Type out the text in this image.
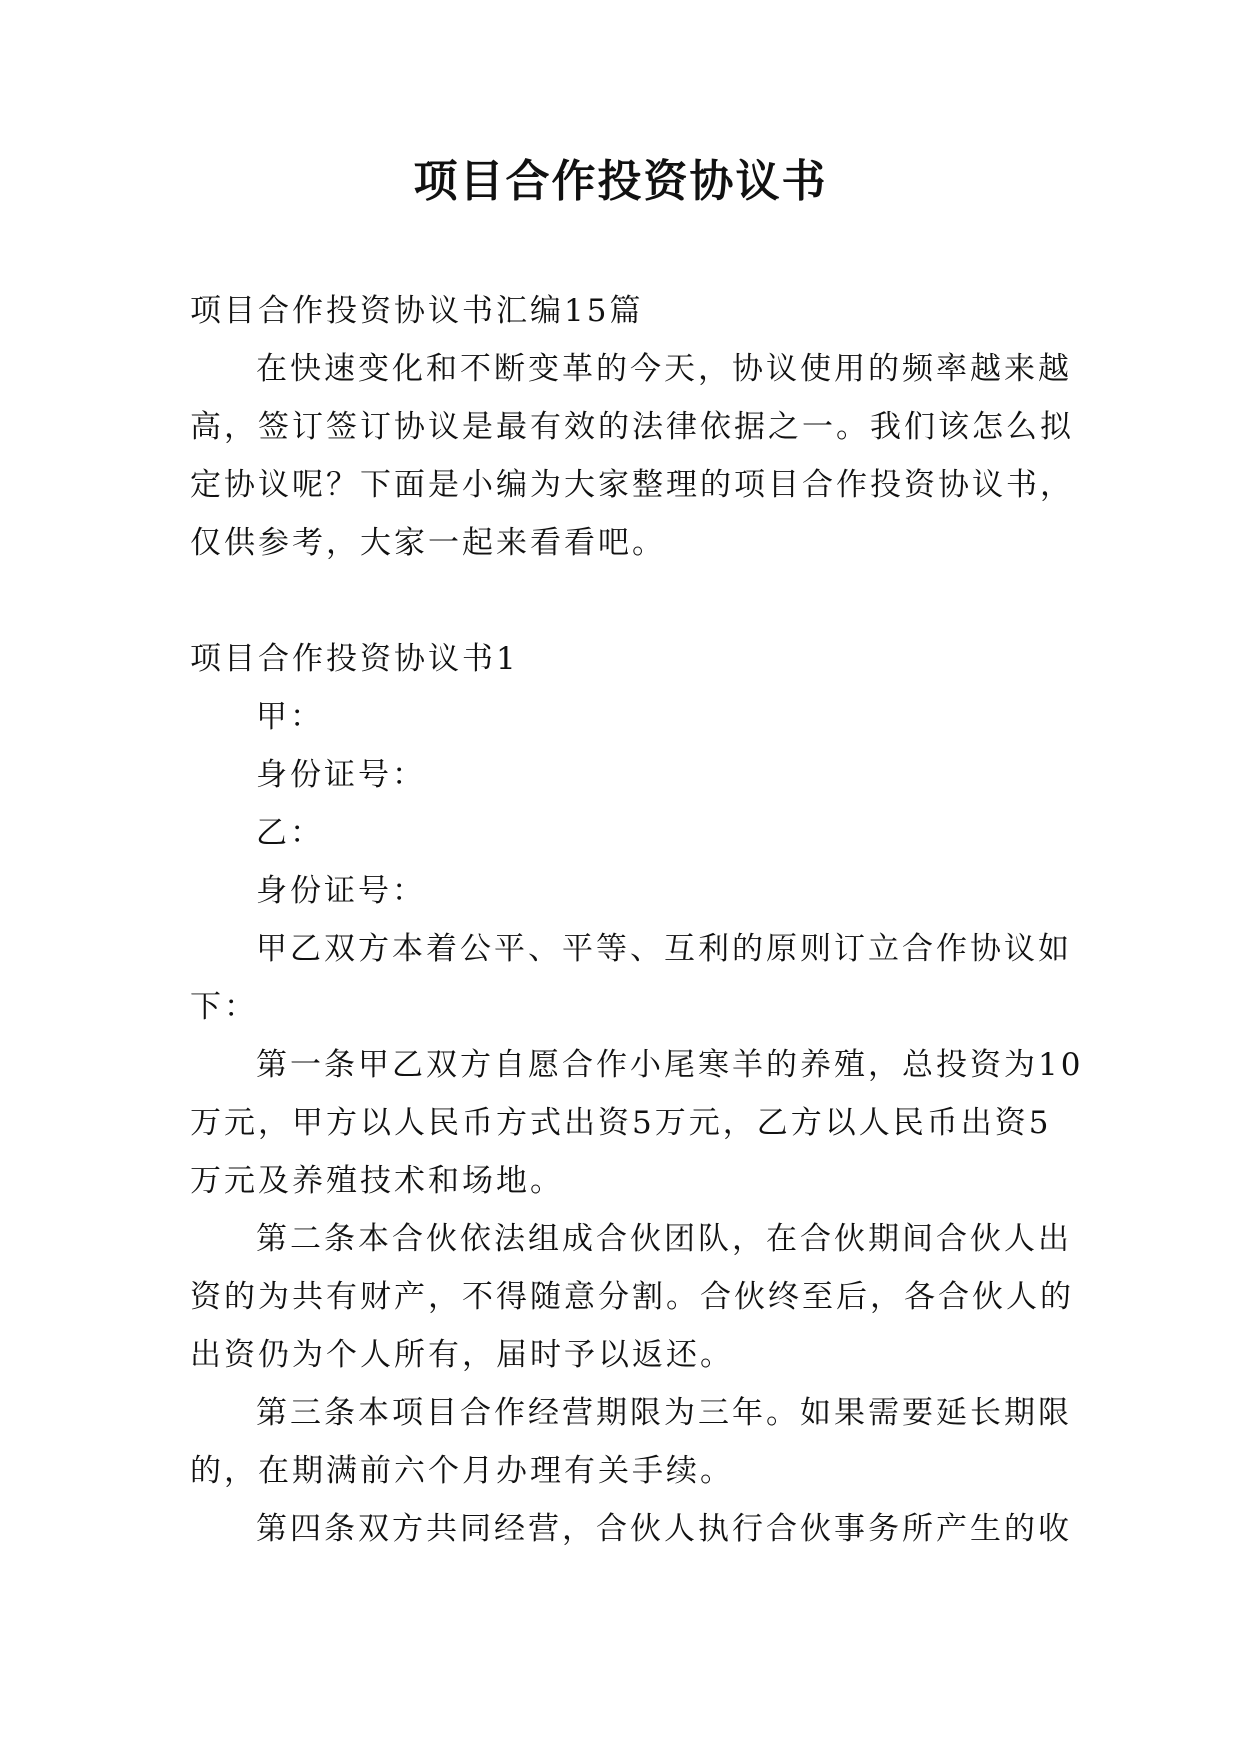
项目合作投资协议书

项目合作投资协议书汇编15篇

在快速变化和不断变革的今天，协议使用的频率越来越

高，签订签订协议是最有效的法律依据之一。我们该怎么拟

定协议呢？下面是小编为大家整理的项目合作投资协议书，

仅供参考，大家一起来看看吧。

项目合作投资协议书1

甲：

身份证号：

乙：

身份证号：

甲乙双方本着公平、平等、互利的原则订立合作协议如

下：

第一条甲乙双方自愿合作小尾寒羊的养殖，总投资为10

万元，甲方以人民币方式出资5万元，乙方以人民币出资5

万元及养殖技术和场地。

第二条本合伙依法组成合伙团队，在合伙期间合伙人出

资的为共有财产，不得随意分割。合伙终至后，各合伙人的

出资仍为个人所有，届时予以返还。

第三条本项目合作经营期限为三年。如果需要延长期限

的，在期满前六个月办理有关手续。

第四条双方共同经营，合伙人执行合伙事务所产生的收
